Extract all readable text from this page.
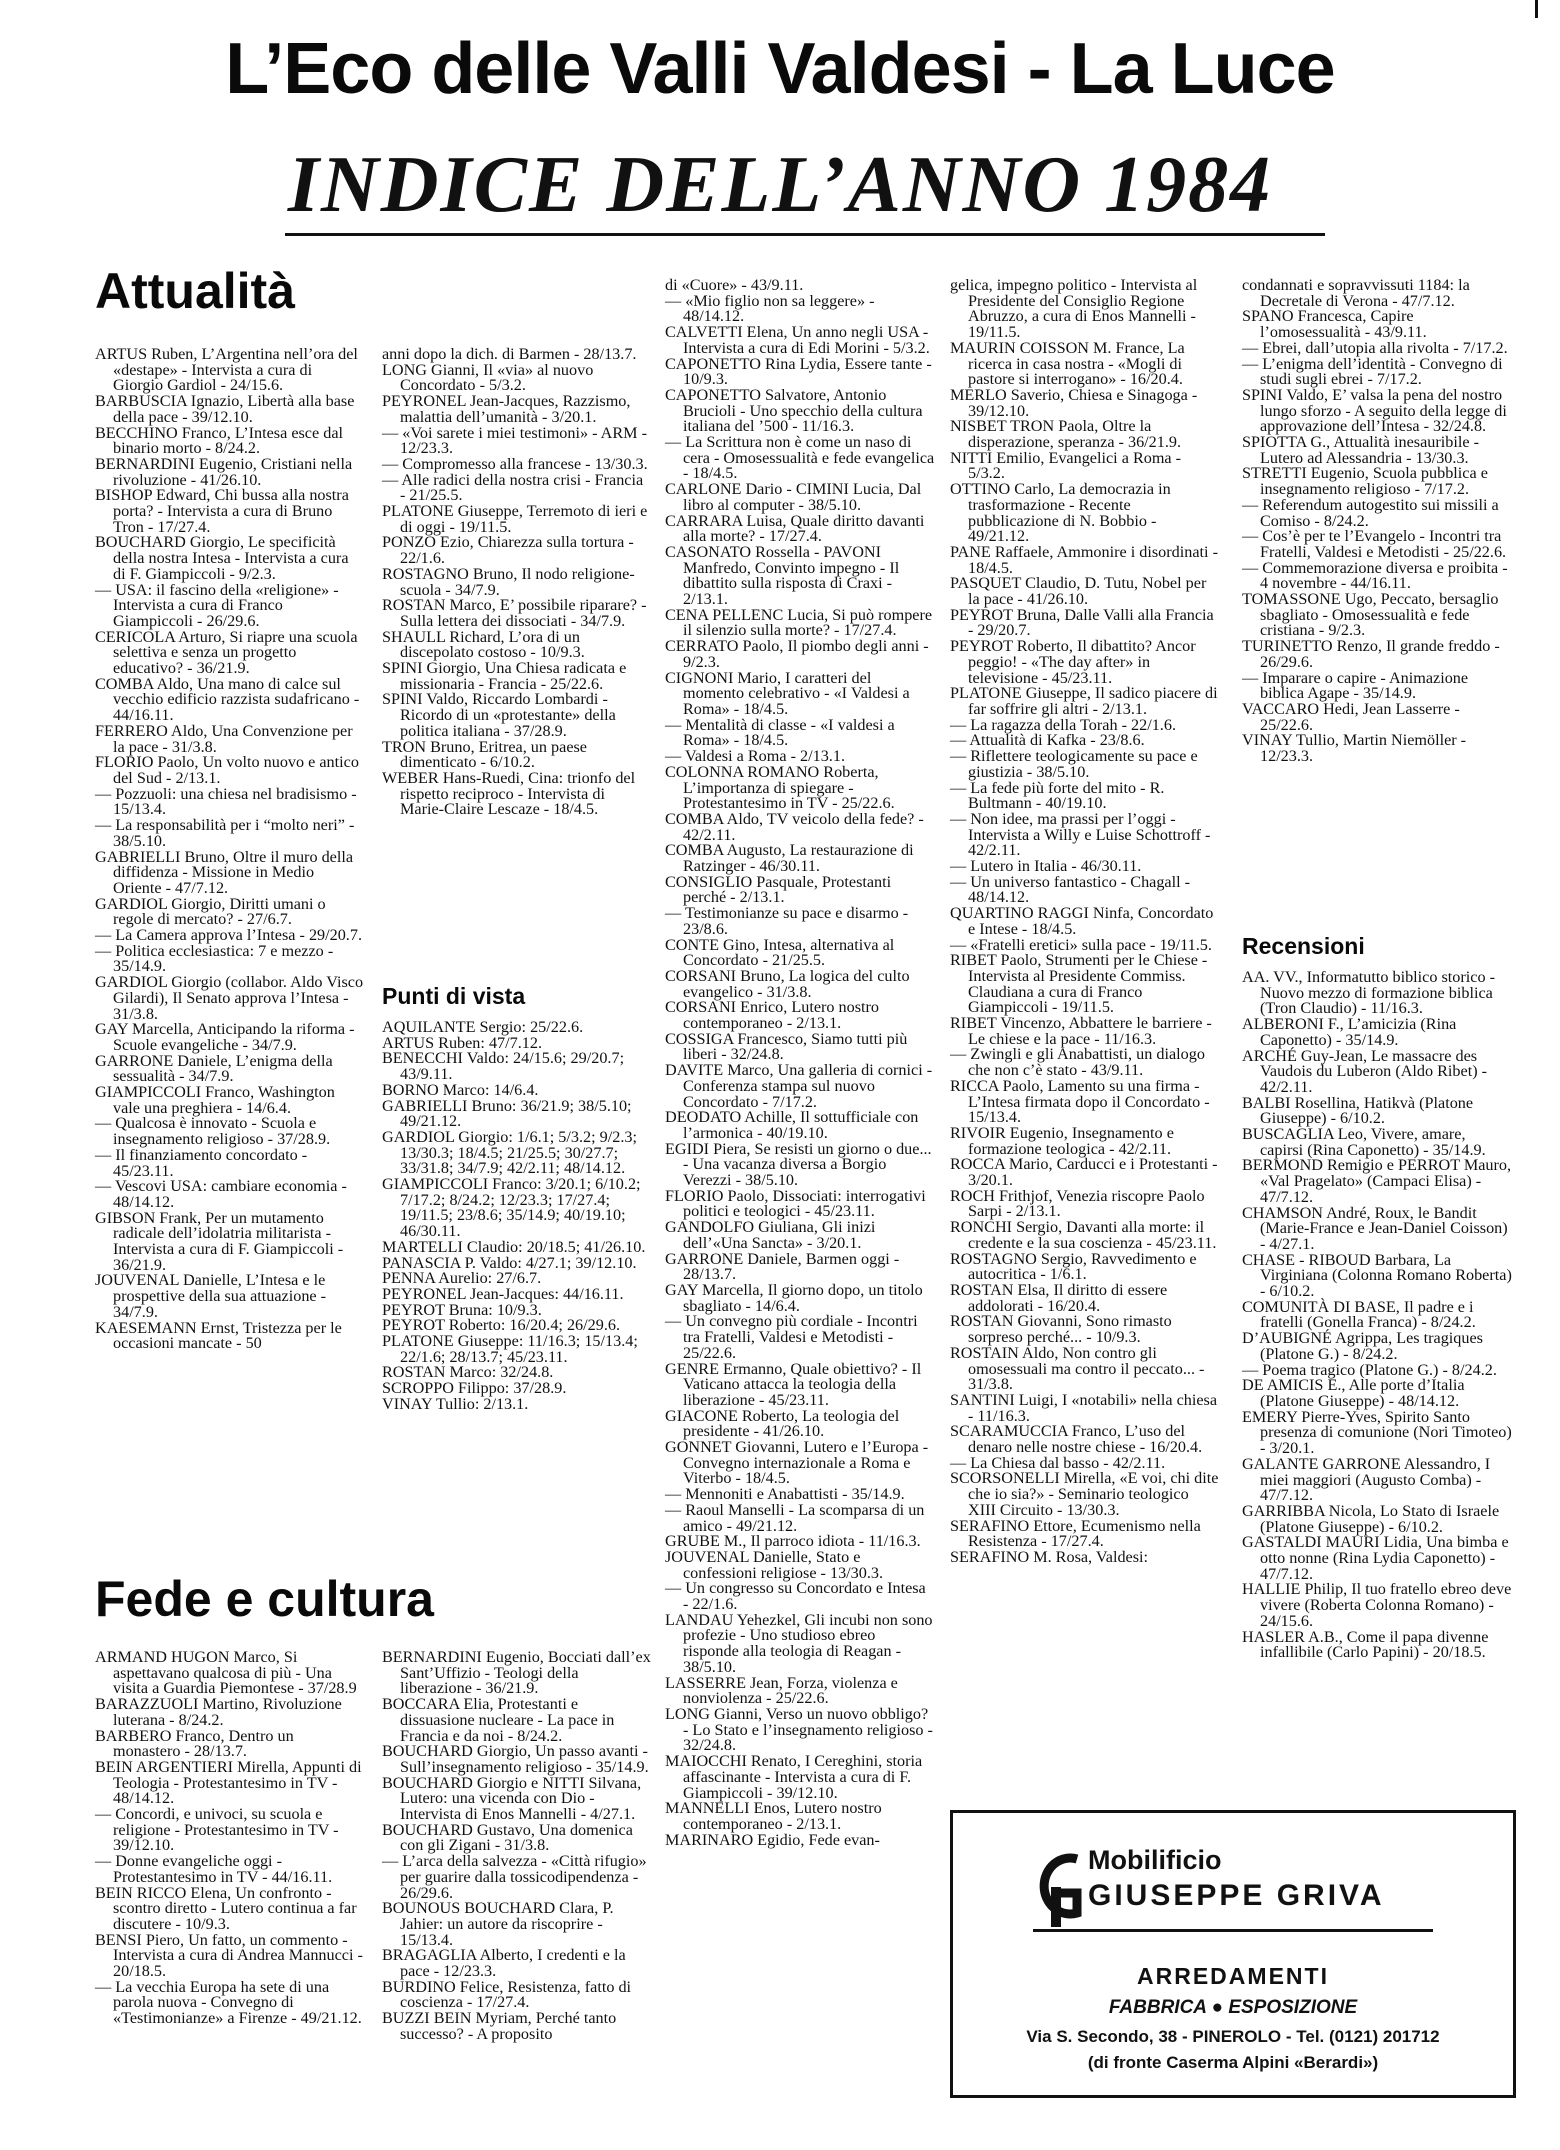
L’Eco delle Valli Valdesi - La Luce
INDICE DELL’ANNO 1984
Attualità
Fede e cultura
Punti di vista
Recensioni

ARTUS Ruben, L’Argentina nell’ora del «destape» - Intervista a cura di Giorgio Gardiol - 24/15.6.

BARBUSCIA Ignazio, Libertà alla base della pace - 39/12.10.

BECCHINO Franco, L’Intesa esce dal binario morto - 8/24.2.

BERNARDINI Eugenio, Cristiani nella rivoluzione - 41/26.10.

BISHOP Edward, Chi bussa alla nostra porta? - Intervista a cura di Bruno Tron - 17/27.4.

BOUCHARD Giorgio, Le specificità della nostra Intesa - Intervista a cura di F. Giampiccoli - 9/2.3.

— USA: il fascino della «religione» - Intervista a cura di Franco Giampiccoli - 26/29.6.

CERICOLA Arturo, Si riapre una scuola selettiva e senza un progetto educativo? - 36/21.9.

COMBA Aldo, Una mano di calce sul vecchio edificio razzista sudafricano - 44/16.11.

FERRERO Aldo, Una Convenzione per la pace - 31/3.8.

FLORIO Paolo, Un volto nuovo e antico del Sud - 2/13.1.

— Pozzuoli: una chiesa nel bradisismo - 15/13.4.

— La responsabilità per i “molto neri” - 38/5.10.

GABRIELLI Bruno, Oltre il muro della diffidenza - Missione in Medio Oriente - 47/7.12.

GARDIOL Giorgio, Diritti umani o regole di mercato? - 27/6.7.

— La Camera approva l’Intesa - 29/20.7.

— Politica ecclesiastica: 7 e mezzo - 35/14.9.

GARDIOL Giorgio (collabor. Aldo Visco Gilardi), Il Senato approva l’Intesa - 31/3.8.

GAY Marcella, Anticipando la riforma - Scuole evangeliche - 34/7.9.

GARRONE Daniele, L’enigma della sessualità - 34/7.9.

GIAMPICCOLI Franco, Washington vale una preghiera - 14/6.4.

— Qualcosa è innovato - Scuola e insegnamento religioso - 37/28.9.

— Il finanziamento concordato - 45/23.11.

— Vescovi USA: cambiare economia - 48/14.12.

GIBSON Frank, Per un mutamento radicale dell’idolatria militarista - Intervista a cura di F. Giampiccoli - 36/21.9.

JOUVENAL Danielle, L’Intesa e le prospettive della sua attuazione - 34/7.9.

KAESEMANN Ernst, Tristezza per le occasioni mancate - 50

anni dopo la dich. di Barmen - 28/13.7.

LONG Gianni, Il «via» al nuovo Concordato - 5/3.2.

PEYRONEL Jean-Jacques, Razzismo, malattia dell’umanità - 3/20.1.

— «Voi sarete i miei testimoni» - ARM - 12/23.3.

— Compromesso alla francese - 13/30.3.

— Alle radici della nostra crisi - Francia - 21/25.5.

PLATONE Giuseppe, Terremoto di ieri e di oggi - 19/11.5.

PONZO Ezio, Chiarezza sulla tortura - 22/1.6.

ROSTAGNO Bruno, Il nodo religione-scuola - 34/7.9.

ROSTAN Marco, E’ possibile riparare? - Sulla lettera dei dissociati - 34/7.9.

SHAULL Richard, L’ora di un discepolato costoso - 10/9.3.

SPINI Giorgio, Una Chiesa radicata e missionaria - Francia - 25/22.6.

SPINI Valdo, Riccardo Lombardi - Ricordo di un «protestante» della politica italiana - 37/28.9.

TRON Bruno, Eritrea, un paese dimenticato - 6/10.2.

WEBER Hans-Ruedi, Cina: trionfo del rispetto reciproco - Intervista di Marie-Claire Lescaze - 18/4.5.

AQUILANTE Sergio: 25/22.6.

ARTUS Ruben: 47/7.12.

BENECCHI Valdo: 24/15.6; 29/20.7; 43/9.11.

BORNO Marco: 14/6.4.

GABRIELLI Bruno: 36/21.9; 38/5.10; 49/21.12.

GARDIOL Giorgio: 1/6.1; 5/3.2; 9/2.3; 13/30.3; 18/4.5; 21/25.5; 30/27.7; 33/31.8; 34/7.9; 42/2.11; 48/14.12.

GIAMPICCOLI Franco: 3/20.1; 6/10.2; 7/17.2; 8/24.2; 12/23.3; 17/27.4; 19/11.5; 23/8.6; 35/14.9; 40/19.10; 46/30.11.

MARTELLI Claudio: 20/18.5; 41/26.10.

PANASCIA P. Valdo: 4/27.1; 39/12.10.

PENNA Aurelio: 27/6.7.

PEYRONEL Jean-Jacques: 44/16.11.

PEYROT Bruna: 10/9.3.

PEYROT Roberto: 16/20.4; 26/29.6.

PLATONE Giuseppe: 11/16.3; 15/13.4; 22/1.6; 28/13.7; 45/23.11.

ROSTAN Marco: 32/24.8.

SCROPPO Filippo: 37/28.9.

VINAY Tullio: 2/13.1.

ARMAND HUGON Marco, Si aspettavano qualcosa di più - Una visita a Guardia Piemontese - 37/28.9

BARAZZUOLI Martino, Rivoluzione luterana - 8/24.2.

BARBERO Franco, Dentro un monastero - 28/13.7.

BEIN ARGENTIERI Mirella, Appunti di Teologia - Protestantesimo in TV - 48/14.12.

— Concordi, e univoci, su scuola e religione - Protestantesimo in TV - 39/12.10.

— Donne evangeliche oggi - Protestantesimo in TV - 44/16.11.

BEIN RICCO Elena, Un confronto - scontro diretto - Lutero continua a far discutere - 10/9.3.

BENSI Piero, Un fatto, un commento - Intervista a cura di Andrea Mannucci - 20/18.5.

— La vecchia Europa ha sete di una parola nuova - Convegno di «Testimonianze» a Firenze - 49/21.12.

BERNARDINI Eugenio, Bocciati dall’ex Sant’Uffizio - Teologi della liberazione - 36/21.9.

BOCCARA Elia, Protestanti e dissuasione nucleare - La pace in Francia e da noi - 8/24.2.

BOUCHARD Giorgio, Un passo avanti - Sull’insegnamento religioso - 35/14.9.

BOUCHARD Giorgio e NITTI Silvana, Lutero: una vicenda con Dio - Intervista di Enos Mannelli - 4/27.1.

BOUCHARD Gustavo, Una domenica con gli Zigani - 31/3.8.

— L’arca della salvezza - «Città rifugio» per guarire dalla tossicodipendenza - 26/29.6.

BOUNOUS BOUCHARD Clara, P. Jahier: un autore da riscoprire - 15/13.4.

BRAGAGLIA Alberto, I credenti e la pace - 12/23.3.

BURDINO Felice, Resistenza, fatto di coscienza - 17/27.4.

BUZZI BEIN Myriam, Perché tanto successo? - A proposito

di «Cuore» - 43/9.11.

— «Mio figlio non sa leggere» - 48/14.12.

CALVETTI Elena, Un anno negli USA - Intervista a cura di Edi Morini - 5/3.2.

CAPONETTO Rina Lydia, Essere tante - 10/9.3.

CAPONETTO Salvatore, Antonio Brucioli - Uno specchio della cultura italiana del ’500 - 11/16.3.

— La Scrittura non è come un naso di cera - Omosessualità e fede evangelica - 18/4.5.

CARLONE Dario - CIMINI Lucia, Dal libro al computer - 38/5.10.

CARRARA Luisa, Quale diritto davanti alla morte? - 17/27.4.

CASONATO Rossella - PAVONI Manfredo, Convinto impegno - Il dibattito sulla risposta di Craxi - 2/13.1.

CENA PELLENC Lucia, Si può rompere il silenzio sulla morte? - 17/27.4.

CERRATO Paolo, Il piombo degli anni - 9/2.3.

CIGNONI Mario, I caratteri del momento celebrativo - «I Valdesi a Roma» - 18/4.5.

— Mentalità di classe - «I valdesi a Roma» - 18/4.5.

— Valdesi a Roma - 2/13.1.

COLONNA ROMANO Roberta, L’importanza di spiegare - Protestantesimo in TV - 25/22.6.

COMBA Aldo, TV veicolo della fede? - 42/2.11.

COMBA Augusto, La restaurazione di Ratzinger - 46/30.11.

CONSIGLIO Pasquale, Protestanti perché - 2/13.1.

— Testimonianze su pace e disarmo - 23/8.6.

CONTE Gino, Intesa, alternativa al Concordato - 21/25.5.

CORSANI Bruno, La logica del culto evangelico - 31/3.8.

CORSANI Enrico, Lutero nostro contemporaneo - 2/13.1.

COSSIGA Francesco, Siamo tutti più liberi - 32/24.8.

DAVITE Marco, Una galleria di cornici - Conferenza stampa sul nuovo Concordato - 7/17.2.

DEODATO Achille, Il sottufficiale con l’armonica - 40/19.10.

EGIDI Piera, Se resisti un giorno o due... - Una vacanza diversa a Borgio Verezzi - 38/5.10.

FLORIO Paolo, Dissociati: interrogativi politici e teologici - 45/23.11.

GANDOLFO Giuliana, Gli inizi dell’«Una Sancta» - 3/20.1.

GARRONE Daniele, Barmen oggi - 28/13.7.

GAY Marcella, Il giorno dopo, un titolo sbagliato - 14/6.4.

— Un convegno più cordiale - Incontri tra Fratelli, Valdesi e Metodisti - 25/22.6.

GENRE Ermanno, Quale obiettivo? - Il Vaticano attacca la teologia della liberazione - 45/23.11.

GIACONE Roberto, La teologia del presidente - 41/26.10.

GONNET Giovanni, Lutero e l’Europa - Convegno internazionale a Roma e Viterbo - 18/4.5.

— Mennoniti e Anabattisti - 35/14.9.

— Raoul Manselli - La scomparsa di un amico - 49/21.12.

GRUBE M., Il parroco idiota - 11/16.3.

JOUVENAL Danielle, Stato e confessioni religiose - 13/30.3.

— Un congresso su Concordato e Intesa - 22/1.6.

LANDAU Yehezkel, Gli incubi non sono profezie - Uno studioso ebreo risponde alla teologia di Reagan - 38/5.10.

LASSERRE Jean, Forza, violenza e nonviolenza - 25/22.6.

LONG Gianni, Verso un nuovo obbligo? - Lo Stato e l’insegnamento religioso - 32/24.8.

MAIOCCHI Renato, I Cereghini, storia affascinante - Intervista a cura di F. Giampiccoli - 39/12.10.

MANNELLI Enos, Lutero nostro contemporaneo - 2/13.1.

MARINARO Egidio, Fede evan-

gelica, impegno politico - Intervista al Presidente del Consiglio Regione Abruzzo, a cura di Enos Mannelli - 19/11.5.

MAURIN COISSON M. France, La ricerca in casa nostra - «Mogli di pastore si interrogano» - 16/20.4.

MERLO Saverio, Chiesa e Sinagoga - 39/12.10.

NISBET TRON Paola, Oltre la disperazione, speranza - 36/21.9.

NITTI Emilio, Evangelici a Roma - 5/3.2.

OTTINO Carlo, La democrazia in trasformazione - Recente pubblicazione di N. Bobbio - 49/21.12.

PANE Raffaele, Ammonire i disordinati - 18/4.5.

PASQUET Claudio, D. Tutu, Nobel per la pace - 41/26.10.

PEYROT Bruna, Dalle Valli alla Francia - 29/20.7.

PEYROT Roberto, Il dibattito? Ancor peggio! - «The day after» in televisione - 45/23.11.

PLATONE Giuseppe, Il sadico piacere di far soffrire gli altri - 2/13.1.

— La ragazza della Torah - 22/1.6.

— Attualità di Kafka - 23/8.6.

— Riflettere teologicamente su pace e giustizia - 38/5.10.

— La fede più forte del mito - R. Bultmann - 40/19.10.

— Non idee, ma prassi per l’oggi - Intervista a Willy e Luise Schottroff - 42/2.11.

— Lutero in Italia - 46/30.11.

— Un universo fantastico - Chagall - 48/14.12.

QUARTINO RAGGI Ninfa, Concordato e Intese - 18/4.5.

— «Fratelli eretici» sulla pace - 19/11.5.

RIBET Paolo, Strumenti per le Chiese - Intervista al Presidente Commiss. Claudiana a cura di Franco Giampiccoli - 19/11.5.

RIBET Vincenzo, Abbattere le barriere - Le chiese e la pace - 11/16.3.

— Zwingli e gli Anabattisti, un dialogo che non c’è stato - 43/9.11.

RICCA Paolo, Lamento su una firma - L’Intesa firmata dopo il Concordato - 15/13.4.

RIVOIR Eugenio, Insegnamento e formazione teologica - 42/2.11.

ROCCA Mario, Carducci e i Protestanti - 3/20.1.

ROCH Frithjof, Venezia riscopre Paolo Sarpi - 2/13.1.

RONCHI Sergio, Davanti alla morte: il credente e la sua coscienza - 45/23.11.

ROSTAGNO Sergio, Ravvedimento e autocritica - 1/6.1.

ROSTAN Elsa, Il diritto di essere addolorati - 16/20.4.

ROSTAN Giovanni, Sono rimasto sorpreso perché... - 10/9.3.

ROSTAIN Aldo, Non contro gli omosessuali ma contro il peccato... - 31/3.8.

SANTINI Luigi, I «notabili» nella chiesa - 11/16.3.

SCARAMUCCIA Franco, L’uso del denaro nelle nostre chiese - 16/20.4.

— La Chiesa dal basso - 42/2.11.

SCORSONELLI Mirella, «E voi, chi dite che io sia?» - Seminario teologico XIII Circuito - 13/30.3.

SERAFINO Ettore, Ecumenismo nella Resistenza - 17/27.4.

SERAFINO M. Rosa, Valdesi:

condannati e sopravvissuti 1184: la Decretale di Verona - 47/7.12.

SPANO Francesca, Capire l’omosessualità - 43/9.11.

— Ebrei, dall’utopia alla rivolta - 7/17.2.

— L’enigma dell’identità - Convegno di studi sugli ebrei - 7/17.2.

SPINI Valdo, E’ valsa la pena del nostro lungo sforzo - A seguito della legge di approvazione dell’Intesa - 32/24.8.

SPIOTTA G., Attualità inesauribile - Lutero ad Alessandria - 13/30.3.

STRETTI Eugenio, Scuola pubblica e insegnamento religioso - 7/17.2.

— Referendum autogestito sui missili a Comiso - 8/24.2.

— Cos’è per te l’Evangelo - Incontri tra Fratelli, Valdesi e Metodisti - 25/22.6.

— Commemorazione diversa e proibita - 4 novembre - 44/16.11.

TOMASSONE Ugo, Peccato, bersaglio sbagliato - Omosessualità e fede cristiana - 9/2.3.

TURINETTO Renzo, Il grande freddo - 26/29.6.

— Imparare o capire - Animazione biblica Agape - 35/14.9.

VACCARO Hedi, Jean Lasserre - 25/22.6.

VINAY Tullio, Martin Niemöller - 12/23.3.

AA. VV., Informatutto biblico storico - Nuovo mezzo di formazione biblica (Tron Claudio) - 11/16.3.

ALBERONI F., L’amicizia (Rina Caponetto) - 35/14.9.

ARCHÉ Guy-Jean, Le massacre des Vaudois du Luberon (Aldo Ribet) - 42/2.11.

BALBI Rosellina, Hatikvà (Platone Giuseppe) - 6/10.2.

BUSCAGLIA Leo, Vivere, amare, capirsi (Rina Caponetto) - 35/14.9.

BERMOND Remigio e PERROT Mauro, «Val Pragelato» (Campaci Elisa) - 47/7.12.

CHAMSON André, Roux, le Bandit (Marie-France e Jean-Daniel Coisson) - 4/27.1.

CHASE - RIBOUD Barbara, La Virginiana (Colonna Romano Roberta) - 6/10.2.

COMUNITÀ DI BASE, Il padre e i fratelli (Gonella Franca) - 8/24.2.

D’AUBIGNÉ Agrippa, Les tragiques (Platone G.) - 8/24.2.

— Poema tragico (Platone G.) - 8/24.2.

DE AMICIS E., Alle porte d’Italia (Platone Giuseppe) - 48/14.12.

EMERY Pierre-Yves, Spirito Santo presenza di comunione (Nori Timoteo) - 3/20.1.

GALANTE GARRONE Alessandro, I miei maggiori (Augusto Comba) - 47/7.12.

GARRIBBA Nicola, Lo Stato di Israele (Platone Giuseppe) - 6/10.2.

GASTALDI MAURI Lidia, Una bimba e otto nonne (Rina Lydia Caponetto) - 47/7.12.

HALLIE Philip, Il tuo fratello ebreo deve vivere (Roberta Colonna Romano) - 24/15.6.

HASLER A.B., Come il papa divenne infallibile (Carlo Papini) - 20/18.5.

Mobilificio
GIUSEPPE GRIVA
ARREDAMENTI
FABBRICA ● ESPOSIZIONE
Via S. Secondo, 38 - PINEROLO - Tel. (0121) 201712
(di fronte Caserma Alpini «Berardi»)
